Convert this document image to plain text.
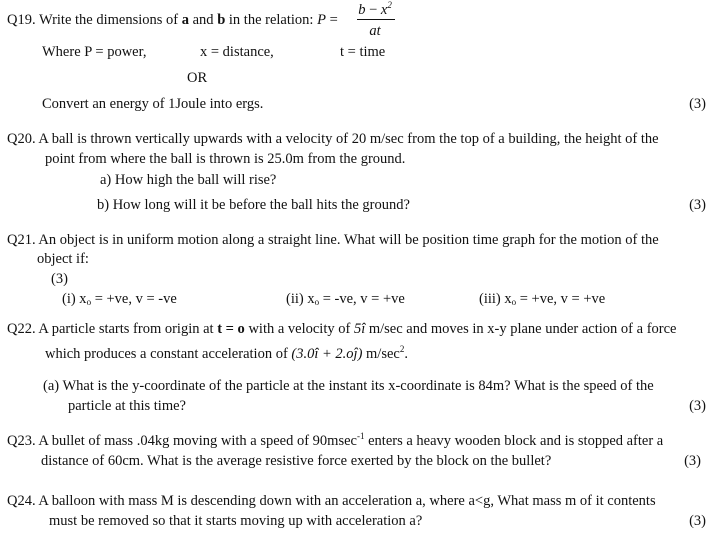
Q19. Write the dimensions of a and b in the relation: P =
$b - x^2$
at
Where P = power,	x = distance,	t = time
OR
Convert an energy of 1Joule into ergs.	(3)
Q20. A ball is thrown vertically upwards with a velocity of 20 m/sec from the top of a building, the height of the
point from where the ball is thrown is 25.0m from the ground.
a) How high the ball will rise?
b) How long will it be before the ball hits the ground?	(3)
Q21. An object is in uniform motion along a straight line. What will be position time graph for the motion of the
object if:
(3)
(i) $x_o = +ve$, v = -ve	(ii) $x_o = -ve$, v = +ve	(iii) $x_o = +ve$, v = +ve
Q22. A particle starts from origin at t = o with a velocity of 5î m/sec and moves in x-y plane under action of a force
which produces a constant acceleration of (3.0î + 2.oĵ) $m/\sec^2$.
(a) What is the y-coordinate of the particle at the instant its x-coordinate is 84m? What is the speed of the
particle at this time?	(3)
Q23. A bullet of mass .04kg moving with a speed of 90msec$^{-1}$ enters a heavy wooden block and is stopped after a
distance of 60cm. What is the average resistive force exerted by the block on the bullet?	(3)
Q24. A balloon with mass M is descending down with an acceleration a, where a<g, What mass m of it contents
must be removed so that it starts moving up with acceleration a?	(3)
